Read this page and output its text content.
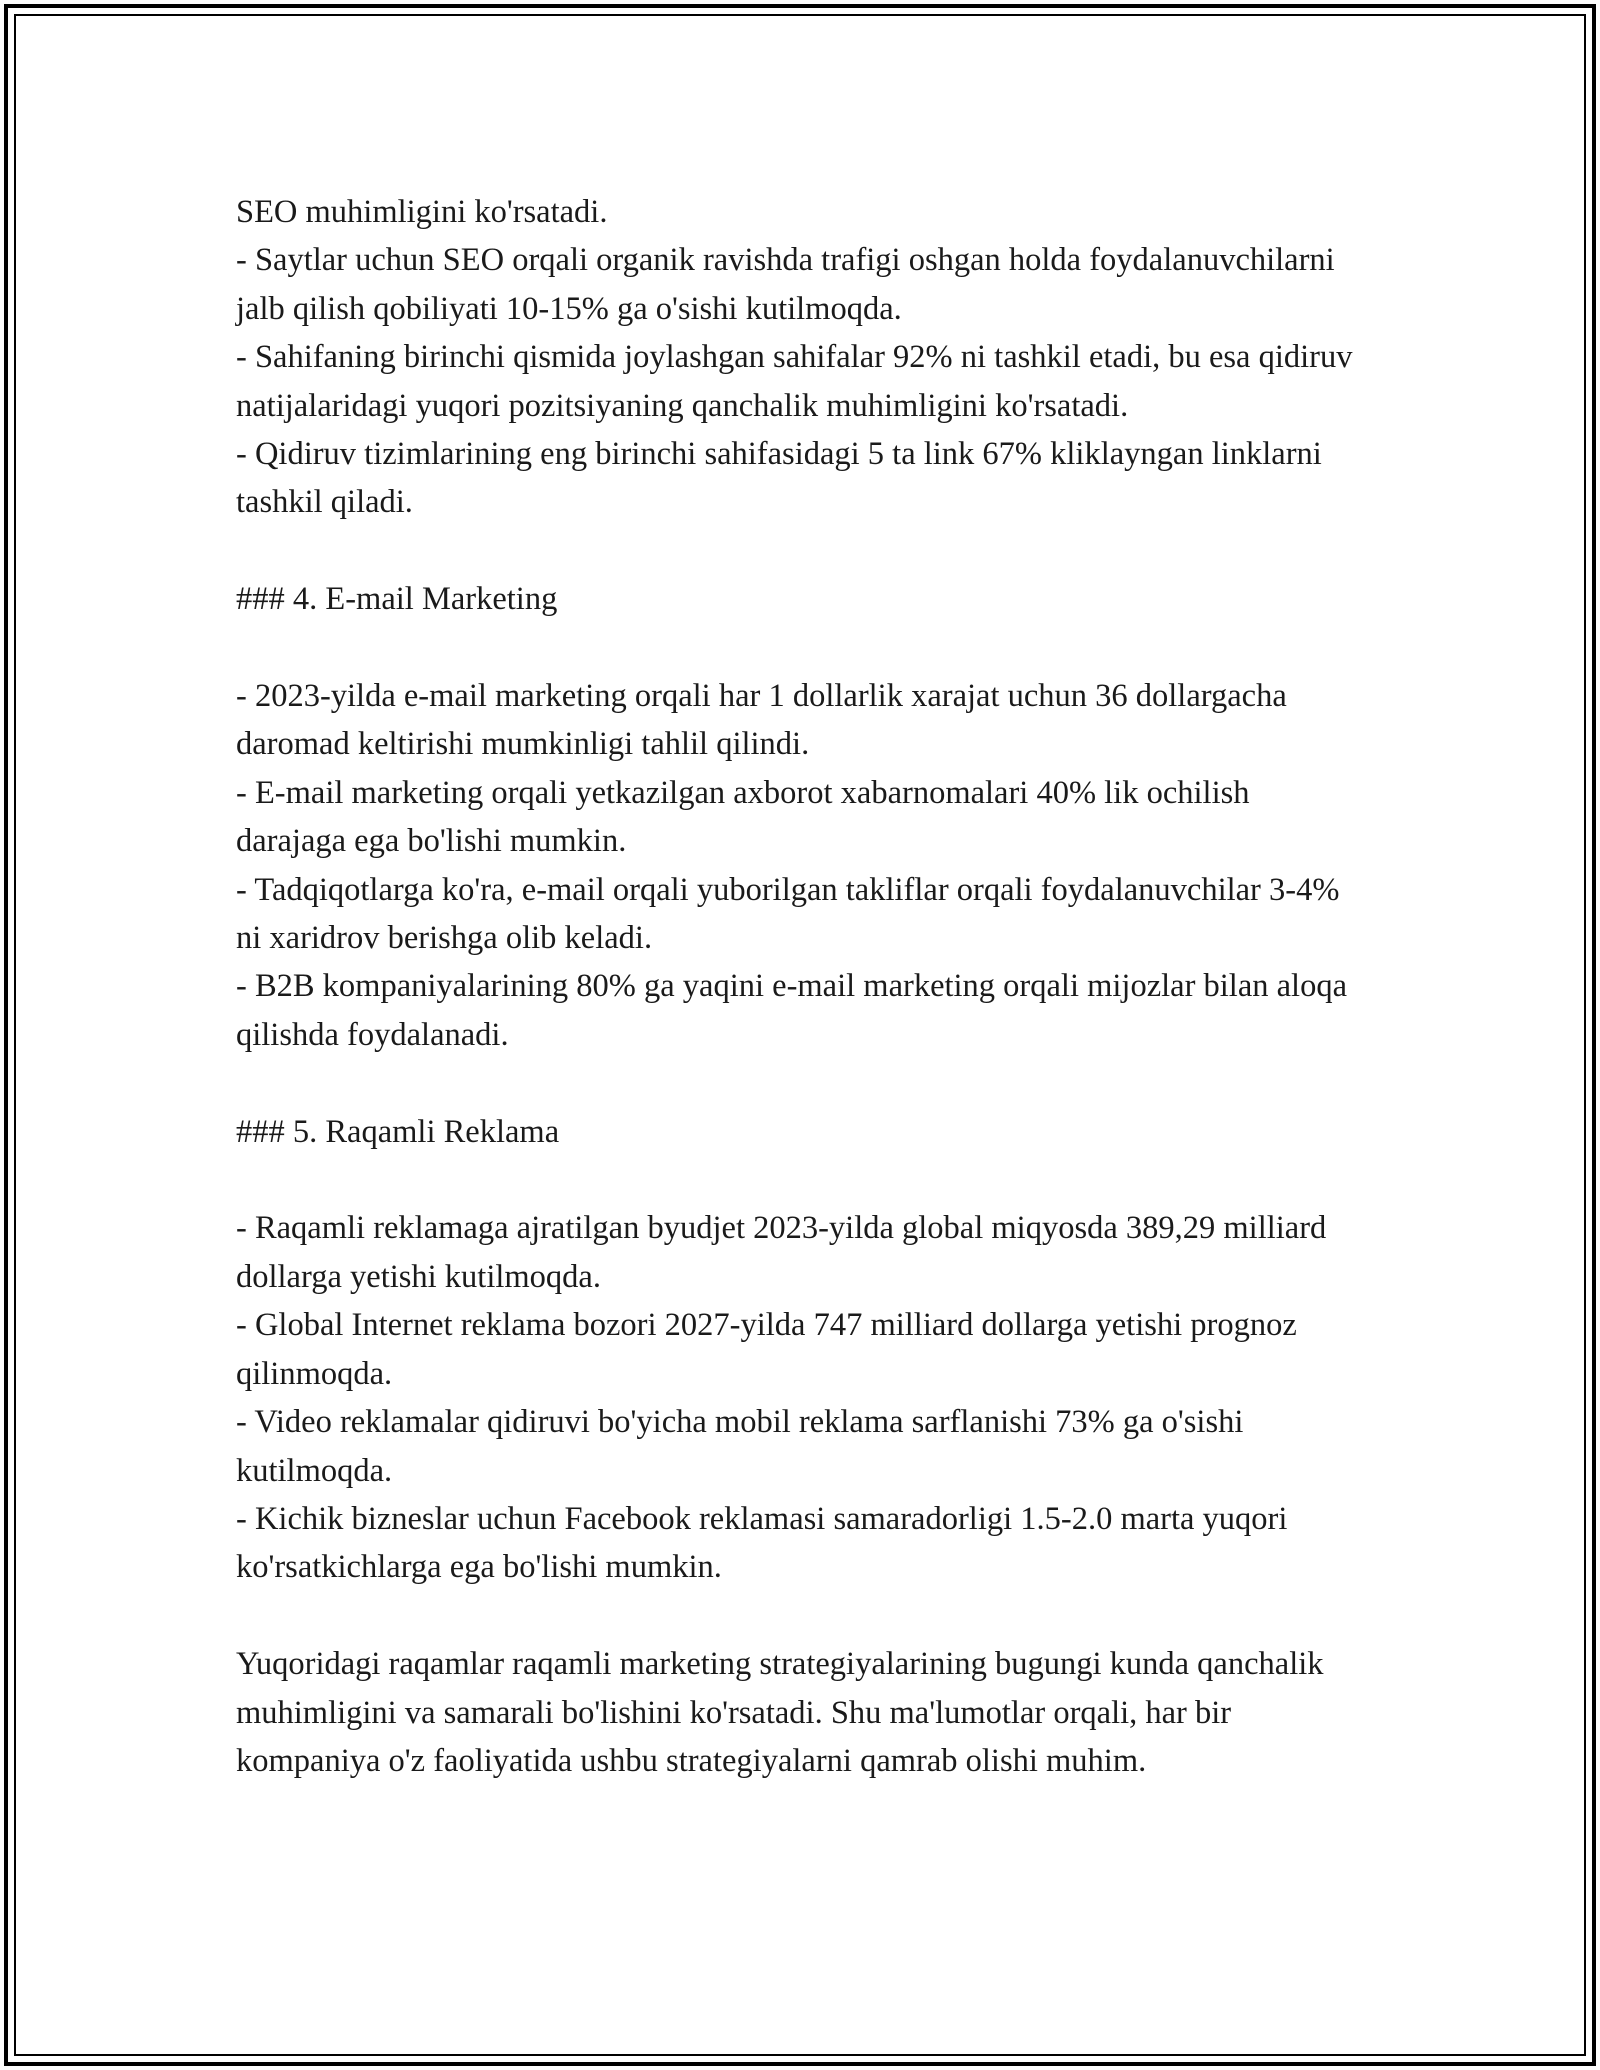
SEO muhimligini ko'rsatadi.

- Saytlar uchun SEO orqali organik ravishda trafigi oshgan holda foydalanuvchilarni jalb qilish qobiliyati 10-15% ga o'sishi kutilmoqda.

- Sahifaning birinchi qismida joylashgan sahifalar 92% ni tashkil etadi, bu esa qidiruv natijalaridagi yuqori pozitsiyaning qanchalik muhimligini ko'rsatadi.

- Qidiruv tizimlarining eng birinchi sahifasidagi 5 ta link 67% kliklayngan linklarni tashkil qiladi.

### 4. E-mail Marketing

- 2023-yilda e-mail marketing orqali har 1 dollarlik xarajat uchun 36 dollargacha daromad keltirishi mumkinligi tahlil qilindi.

- E-mail marketing orqali yetkazilgan axborot xabarnomalari 40% lik ochilish darajaga ega bo'lishi mumkin.

- Tadqiqotlarga ko'ra, e-mail orqali yuborilgan takliflar orqali foydalanuvchilar 3-4% ni xaridrov berishga olib keladi.

- B2B kompaniyalarining 80% ga yaqini e-mail marketing orqali mijozlar bilan aloqa qilishda foydalanadi.

### 5. Raqamli Reklama

- Raqamli reklamaga ajratilgan byudjet 2023-yilda global miqyosda 389,29 milliard dollarga yetishi kutilmoqda.

- Global Internet reklama bozori 2027-yilda 747 milliard dollarga yetishi prognoz qilinmoqda.

- Video reklamalar qidiruvi bo'yicha mobil reklama sarflanishi 73% ga o'sishi kutilmoqda.

- Kichik bizneslar uchun Facebook reklamasi samaradorligi 1.5-2.0 marta yuqori ko'rsatkichlarga ega bo'lishi mumkin.

Yuqoridagi raqamlar raqamli marketing strategiyalarining bugungi kunda qanchalik muhimligini va samarali bo'lishini ko'rsatadi. Shu ma'lumotlar orqali, har bir kompaniya o'z faoliyatida ushbu strategiyalarni qamrab olishi muhim.
